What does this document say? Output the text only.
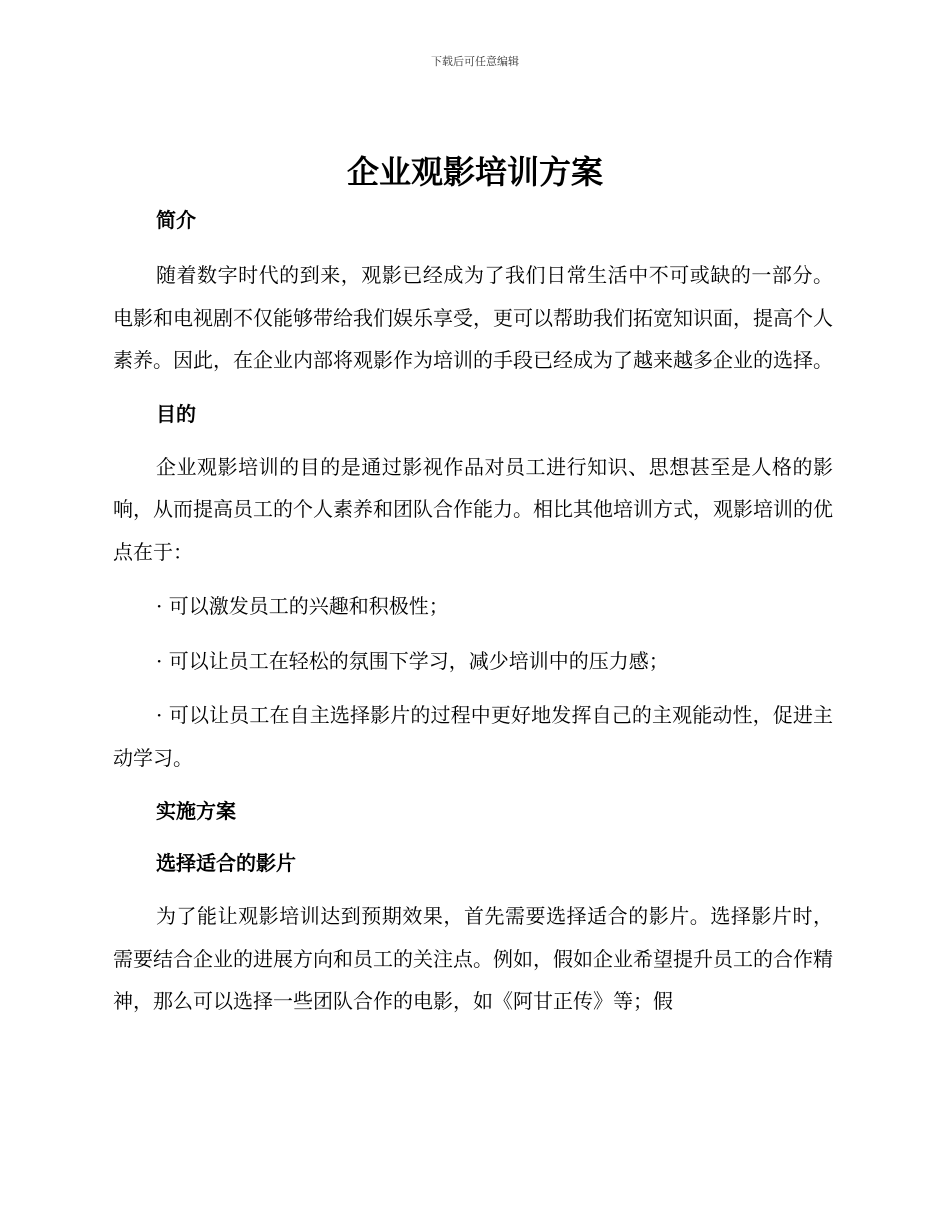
下载后可任意编辑
企业观影培训方案
简介

随着数字时代的到来，观影已经成为了我们日常生活中不可或缺的一部分。电影和电视剧不仅能够带给我们娱乐享受，更可以帮助我们拓宽知识面，提高个人素养。因此，在企业内部将观影作为培训的手段已经成为了越来越多企业的选择。

目的

企业观影培训的目的是通过影视作品对员工进行知识、思想甚至是人格的影响，从而提高员工的个人素养和团队合作能力。相比其他培训方式，观影培训的优点在于：

· 可以激发员工的兴趣和积极性；

· 可以让员工在轻松的氛围下学习，减少培训中的压力感；

· 可以让员工在自主选择影片的过程中更好地发挥自己的主观能动性，促进主动学习。

实施方案
选择适合的影片

为了能让观影培训达到预期效果，首先需要选择适合的影片。选择影片时，需要结合企业的进展方向和员工的关注点。例如，假如企业希望提升员工的合作精神，那么可以选择一些团队合作的电影，如《阿甘正传》等；假
